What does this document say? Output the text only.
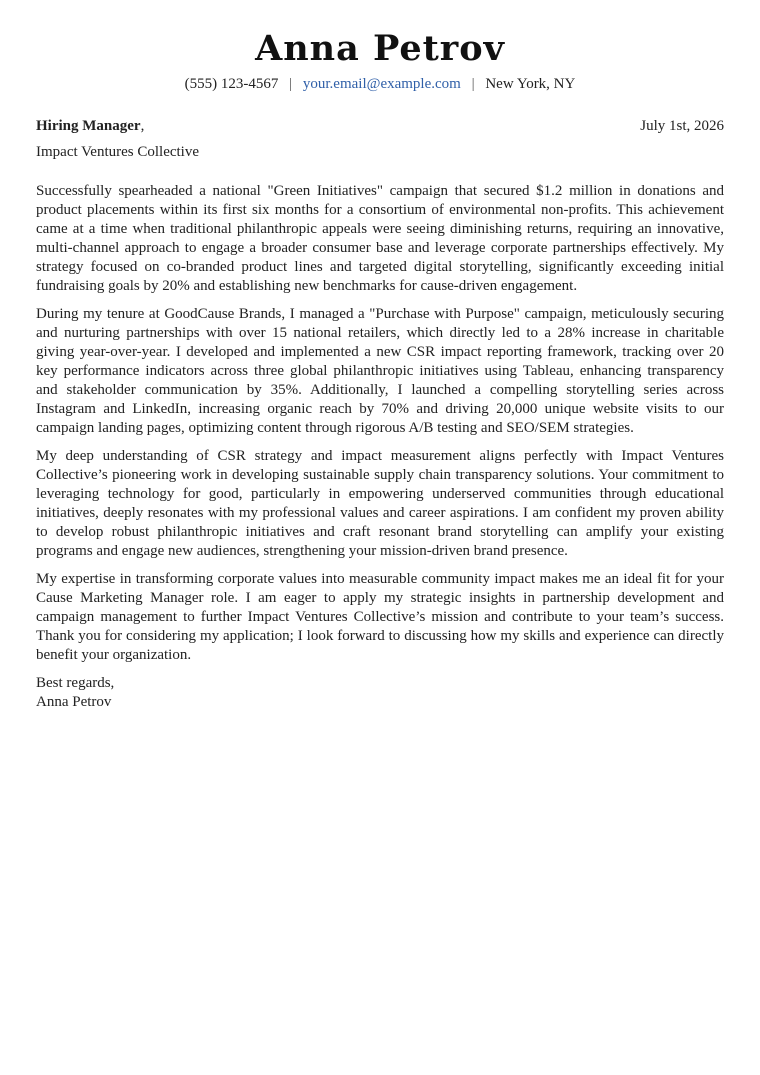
Anna Petrov
(555) 123-4567 | your.email@example.com | New York, NY
Hiring Manager,	July 1st, 2026
Impact Ventures Collective

Successfully spearheaded a national "Green Initiatives" campaign that secured $1.2 million in donations and product placements within its first six months for a consortium of environmental non-profits. This achievement came at a time when traditional philanthropic appeals were seeing diminishing returns, requiring an innovative, multi-channel approach to engage a broader consumer base and leverage corporate partnerships effectively. My strategy focused on co-branded product lines and targeted digital storytelling, significantly exceeding initial fundraising goals by 20% and establishing new benchmarks for cause-driven engagement.

During my tenure at GoodCause Brands, I managed a "Purchase with Purpose" campaign, meticulously securing and nurturing partnerships with over 15 national retailers, which directly led to a 28% increase in charitable giving year-over-year. I developed and implemented a new CSR impact reporting framework, tracking over 20 key performance indicators across three global philanthropic initiatives using Tableau, enhancing transparency and stakeholder communication by 35%. Additionally, I launched a compelling storytelling series across Instagram and LinkedIn, increasing organic reach by 70% and driving 20,000 unique website visits to our campaign landing pages, optimizing content through rigorous A/B testing and SEO/SEM strategies.

My deep understanding of CSR strategy and impact measurement aligns perfectly with Impact Ventures Collective’s pioneering work in developing sustainable supply chain transparency solutions. Your commitment to leveraging technology for good, particularly in empowering underserved communities through educational initiatives, deeply resonates with my professional values and career aspirations. I am confident my proven ability to develop robust philanthropic initiatives and craft resonant brand storytelling can amplify your existing programs and engage new audiences, strengthening your mission-driven brand presence.

My expertise in transforming corporate values into measurable community impact makes me an ideal fit for your Cause Marketing Manager role. I am eager to apply my strategic insights in partnership development and campaign management to further Impact Ventures Collective’s mission and contribute to your team’s success. Thank you for considering my application; I look forward to discussing how my skills and experience can directly benefit your organization.

Best regards,
Anna Petrov
